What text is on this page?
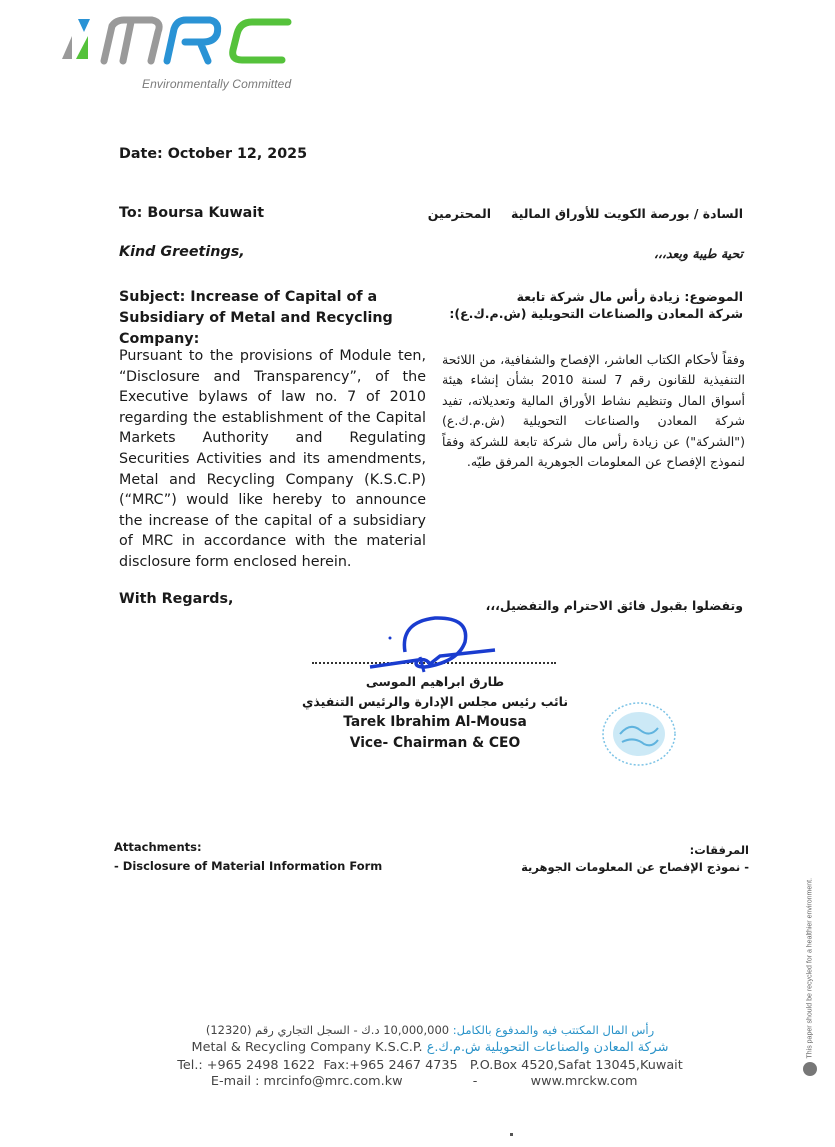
Environmentally Committed
Date: October 12, 2025
To: Boursa Kuwait
Kind Greetings,
Subject: Increase of Capital of a Subsidiary of Metal and Recycling Company:
Pursuant to the provisions of Module ten, “Disclosure and Transparency”, of the Executive bylaws of law no. 7 of 2010 regarding the establishment of the Capital Markets Authority and Regulating Securities Activities and its amendments, Metal and Recycling Company (K.S.C.P) (“MRC”) would like hereby to announce the increase of the capital of a subsidiary of MRC in accordance with the material disclosure form enclosed herein.
With Regards,
السادة / بورصة الكويت للأوراق الماليةالمحترمين
تحية طيبة وبعد،،،
الموضوع: زيادة رأس مال شركة تابعة
شركة المعادن والصناعات التحويلية (ش.م.ك.ع):
وفقاً لأحكام الكتاب العاشر، الإفصاح والشفافية، من اللائحة التنفيذية للقانون رقم 7 لسنة 2010 بشأن إنشاء هيئة أسواق المال وتنظيم نشاط الأوراق المالية وتعديلاته، تفيد شركة المعادن والصناعات التحويلية (ش.م.ك.ع) ("الشركة") عن زيادة رأس مال شركة تابعة للشركة وفقاً لنموذج الإفصاح عن المعلومات الجوهرية المرفق طيّه.
وتفضلوا بقبول فائق الاحترام والتفضيل،،،
طارق ابراهيم الموسى
نائب رئيس مجلس الإدارة والرئيس التنفيذي
Tarek Ibrahim Al-Mousa
Vice- Chairman & CEO
Attachments:
- Disclosure of Material Information Form
المرفقات:
- نموذج الإفصاح عن المعلومات الجوهرية
رأس المال المكتتب فيه والمدفوع بالكامل: 10,000,000 د.ك - السجل التجاري رقم (12320)
Metal & Recycling Company K.S.C.P. شركة المعادن والصناعات التحويلية ش.م.ك.ع
Tel.: +965 2498 1622 Fax:+965 2467 4735 P.O.Box 4520,Safat 13045,Kuwait
E-mail : mrcinfo@mrc.com.kw	-	www.mrckw.com
This paper should be recycled for a healthier environment.
